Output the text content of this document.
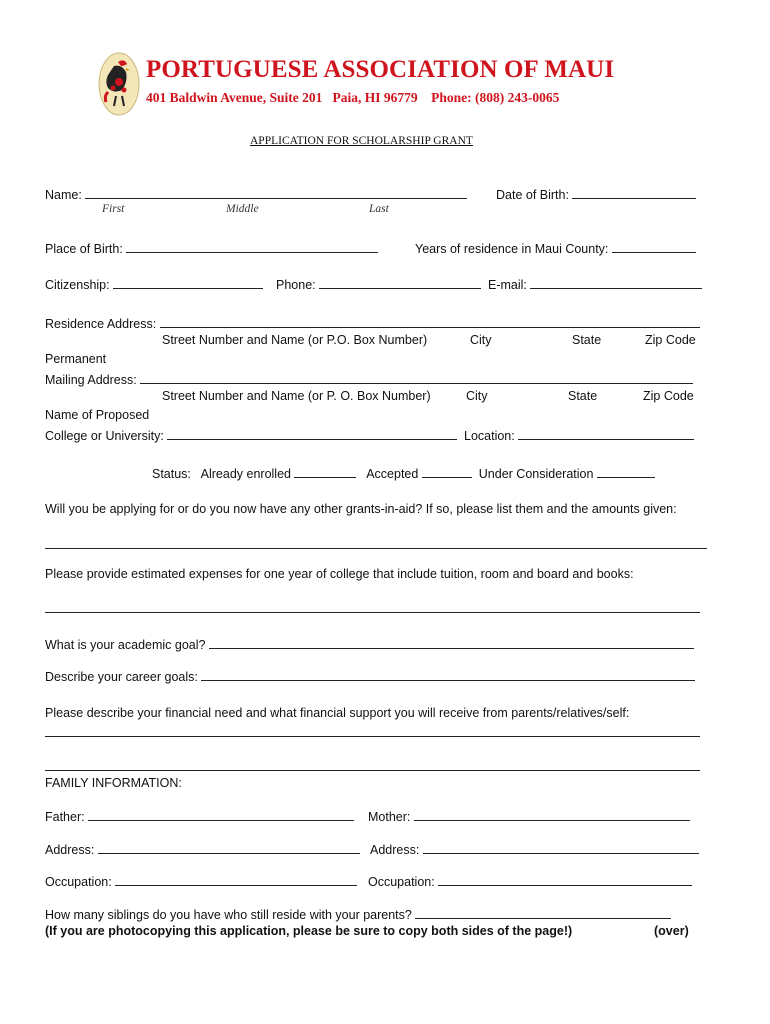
PORTUGUESE ASSOCIATION OF MAUI
401 Baldwin Avenue, Suite 201 Paia, HI 96779 Phone: (808) 243-0065
APPLICATION FOR SCHOLARSHIP GRANT
Name:	Date of Birth:
First	Middle	Last
Place of Birth:	Years of residence in Maui County:
Citizenship:	Phone:	E-mail:
Residence Address:
Street Number and Name (or P.O. Box Number)	City	State	Zip Code
Permanent
Mailing Address:
Street Number and Name (or P. O. Box Number)	City	State	Zip Code
Name of Proposed
College or University:	Location:
Status: Already enrolled	Accepted	Under Consideration
Will you be applying for or do you now have any other grants-in-aid? If so, please list them and the amounts given:
Please provide estimated expenses for one year of college that include tuition, room and board and books:
What is your academic goal?
Describe your career goals:
Please describe your financial need and what financial support you will receive from parents/relatives/self:
FAMILY INFORMATION:
Father:	Mother:
Address:	Address:
Occupation:	Occupation:
How many siblings do you have who still reside with your parents?
(If you are photocopying this application, please be sure to copy both sides of the page!)	(over)
